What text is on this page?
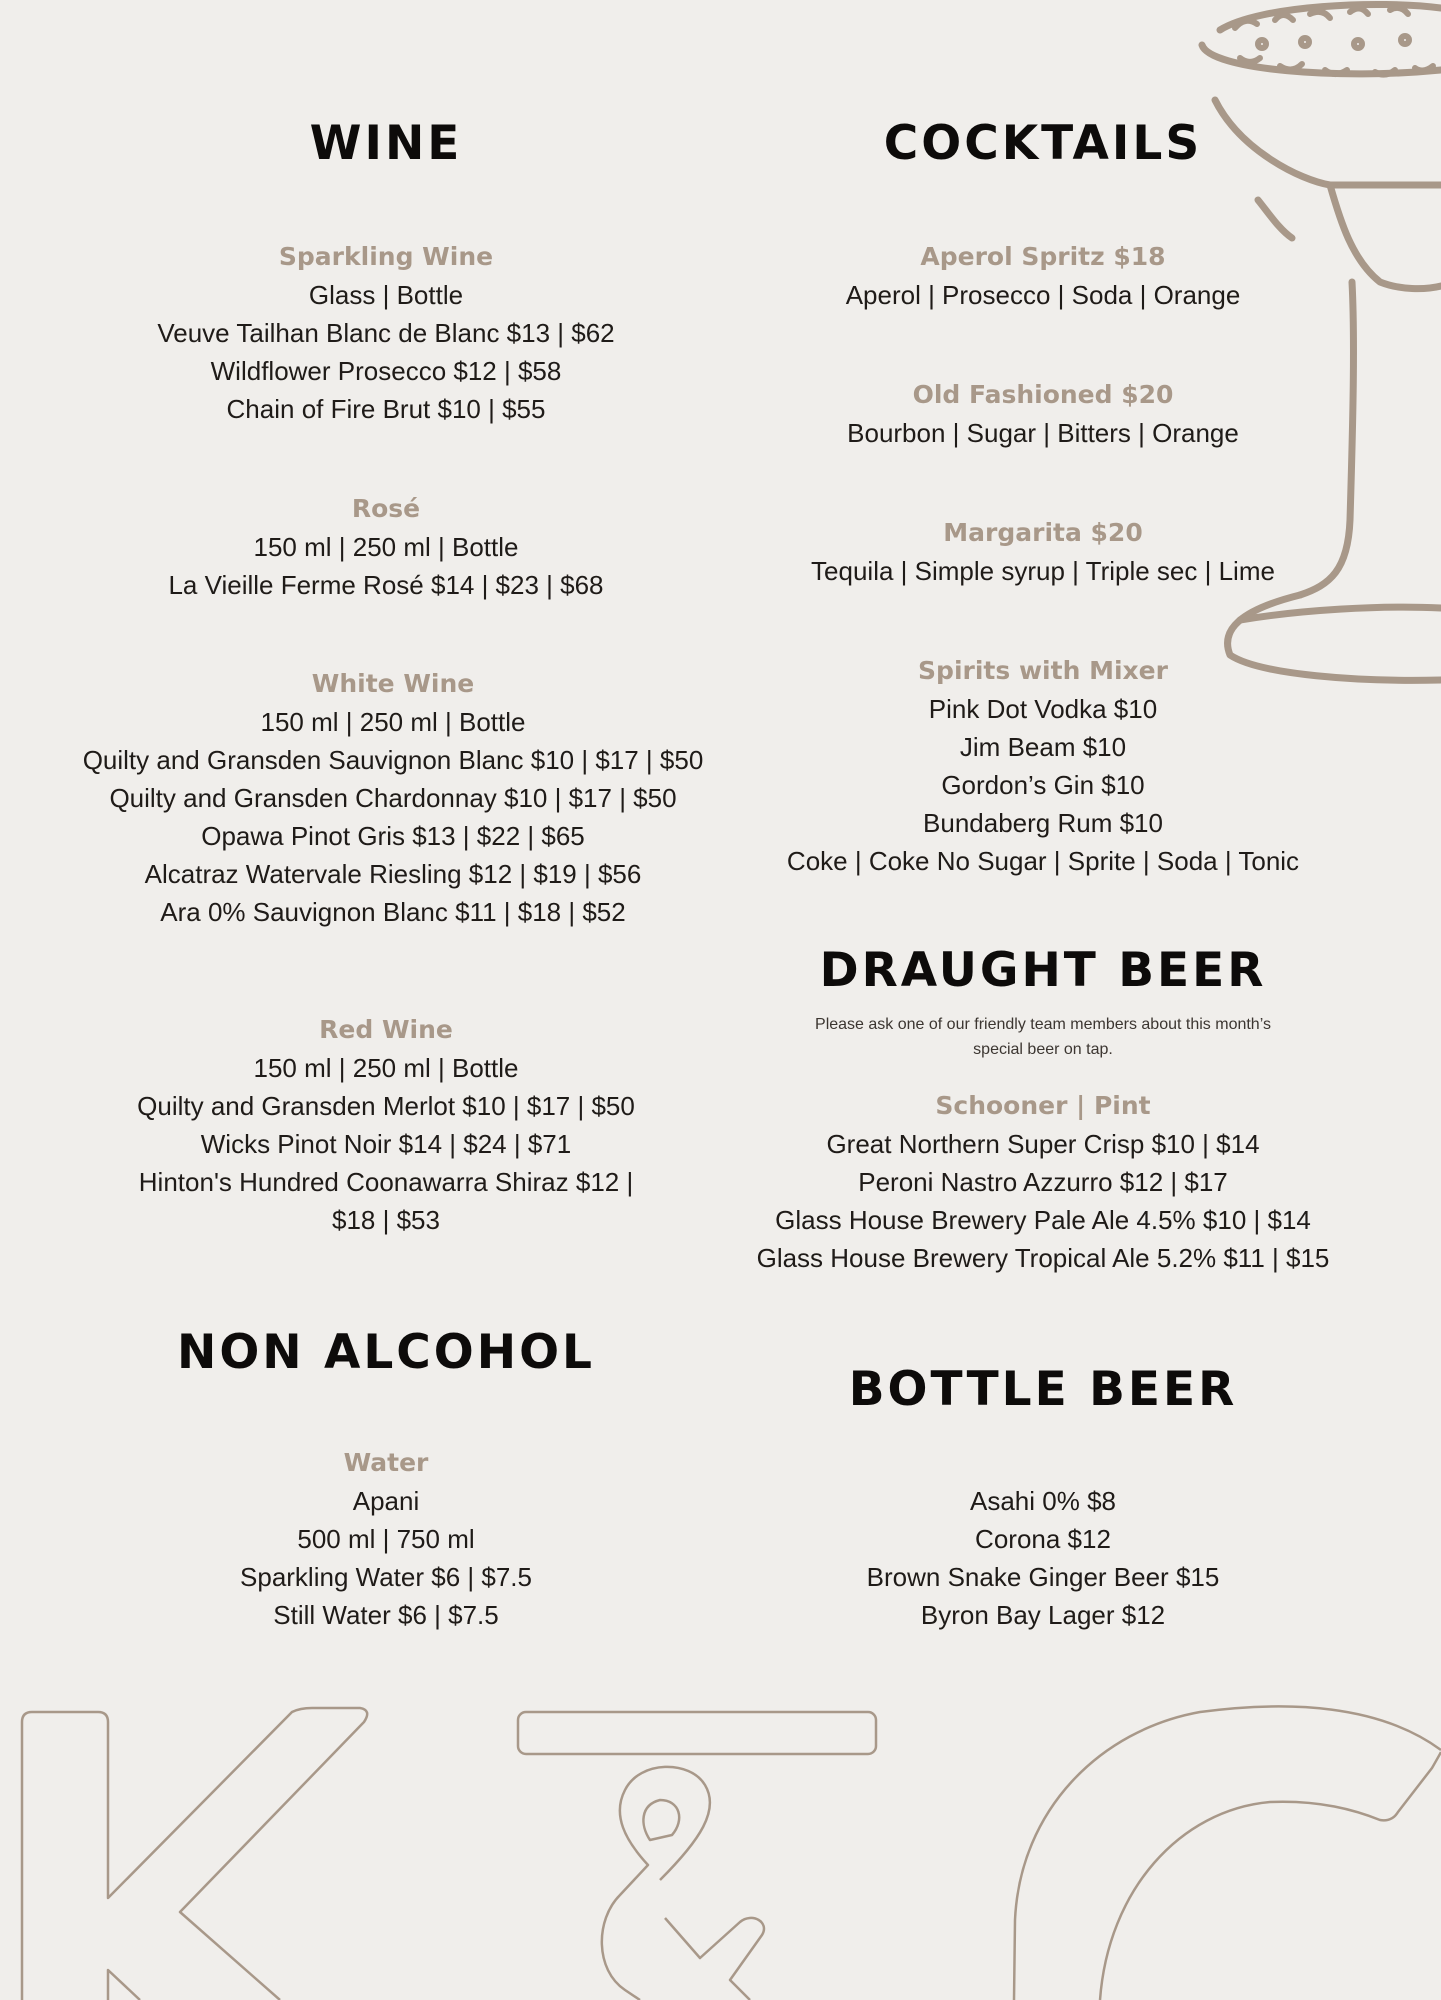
WINE

Sparkling Wine

Glass | Bottle

Veuve Tailhan Blanc de Blanc $13 | $62

Wildflower Prosecco $12 | $58

Chain of Fire Brut $10 | $55

Rosé

150 ml | 250 ml | Bottle

La Vieille Ferme Rosé $14 | $23 | $68

White Wine

150 ml | 250 ml | Bottle

Quilty and Gransden Sauvignon Blanc $10 | $17 | $50

Quilty and Gransden Chardonnay $10 | $17 | $50

Opawa Pinot Gris $13 | $22 | $65

Alcatraz Watervale Riesling $12 | $19 | $56

Ara 0% Sauvignon Blanc $11 | $18 | $52

Red Wine

150 ml | 250 ml | Bottle

Quilty and Gransden Merlot $10 | $17 | $50

Wicks Pinot Noir $14 | $24 | $71

Hinton's Hundred Coonawarra Shiraz $12 |

$18 | $53

NON ALCOHOL

Water

Apani

500 ml | 750 ml

Sparkling Water $6 | $7.5

Still Water $6 | $7.5

COCKTAILS

Aperol Spritz $18

Aperol | Prosecco | Soda | Orange

Old Fashioned $20

Bourbon | Sugar | Bitters | Orange

Margarita $20

Tequila | Simple syrup | Triple sec | Lime

Spirits with Mixer

Pink Dot Vodka $10

Jim Beam $10

Gordon’s Gin $10

Bundaberg Rum $10

Coke | Coke No Sugar | Sprite | Soda | Tonic

DRAUGHT BEER

Please ask one of our friendly team members about this month’s

special beer on tap.

Schooner | Pint

Great Northern Super Crisp $10 | $14

Peroni Nastro Azzurro $12 | $17

Glass House Brewery Pale Ale 4.5% $10 | $14

Glass House Brewery Tropical Ale 5.2% $11 | $15

BOTTLE BEER

Asahi 0% $8

Corona $12

Brown Snake Ginger Beer $15

Byron Bay Lager $12
